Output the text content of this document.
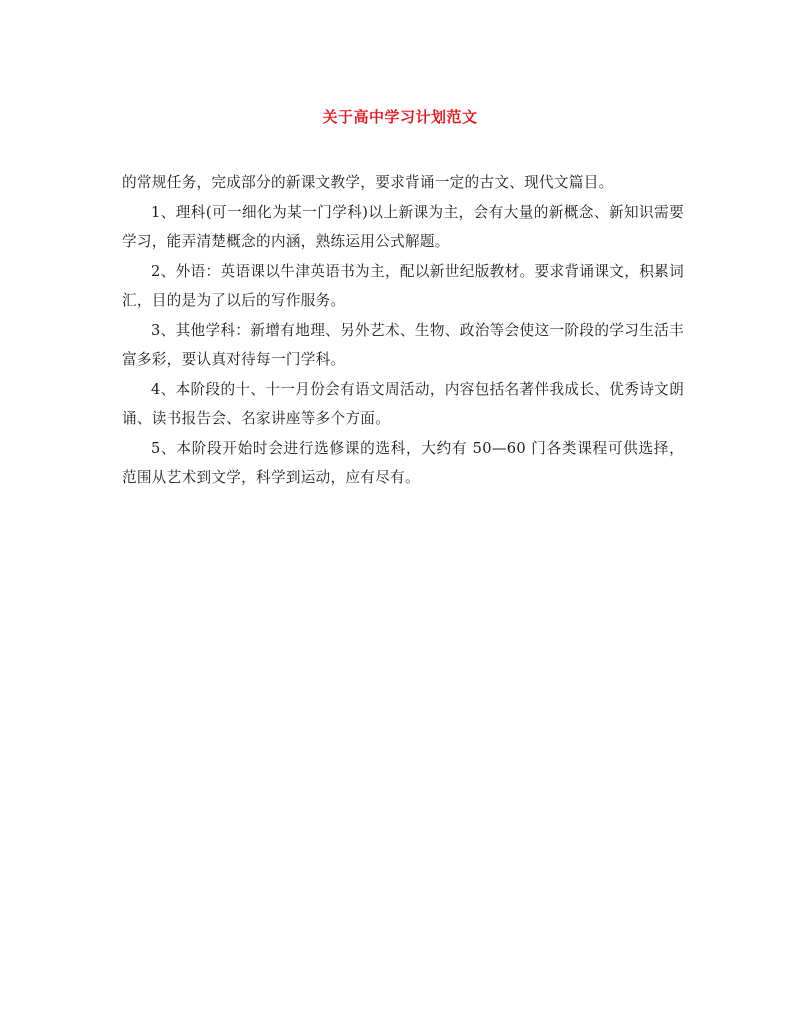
关于高中学习计划范文

的常规任务，完成部分的新课文教学，要求背诵一定的古文、现代文篇目。

1、理科(可一细化为某一门学科)以上新课为主，会有大量的新概念、新知识需要学习，能弄清楚概念的内涵，熟练运用公式解题。

2、外语：英语课以牛津英语书为主，配以新世纪版教材。要求背诵课文，积累词汇，目的是为了以后的写作服务。

3、其他学科：新增有地理、另外艺术、生物、政治等会使这一阶段的学习生活丰富多彩，要认真对待每一门学科。

4、本阶段的十、十一月份会有语文周活动，内容包括名著伴我成长、优秀诗文朗诵、读书报告会、名家讲座等多个方面。

5、本阶段开始时会进行选修课的选科，大约有 50—60 门各类课程可供选择，范围从艺术到文学，科学到运动，应有尽有。
